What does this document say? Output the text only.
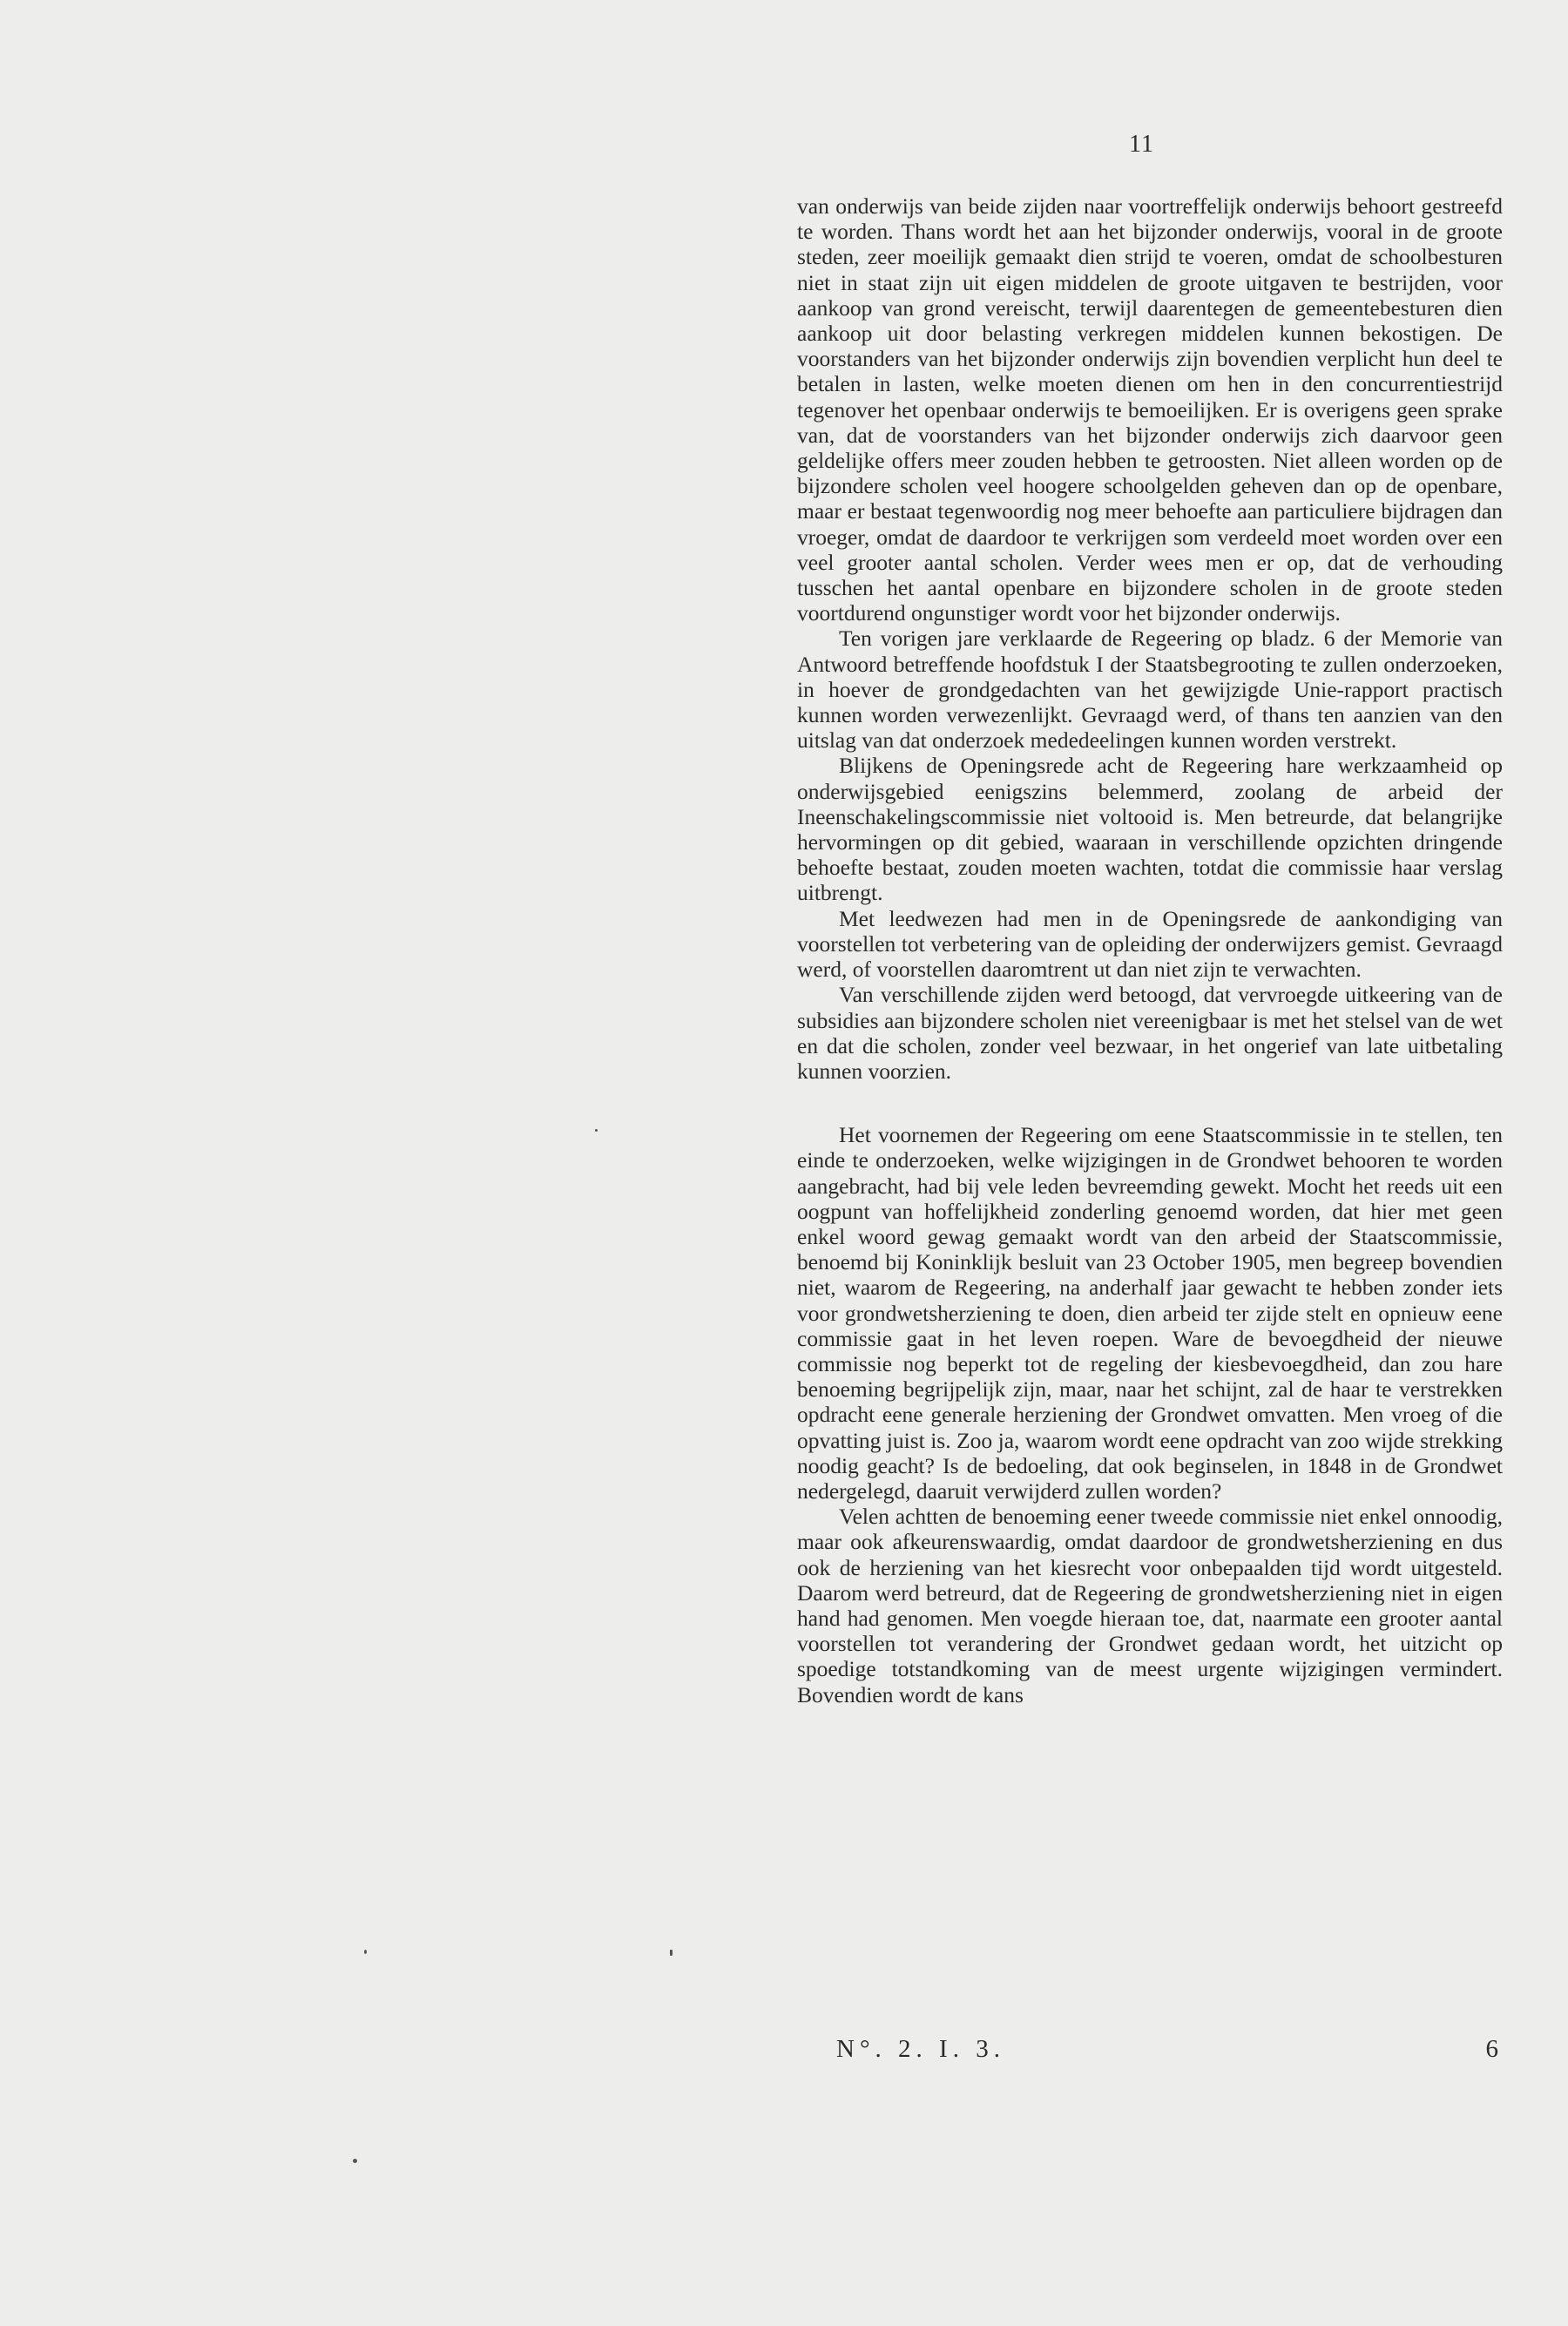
11

van onderwijs van beide zijden naar voortreffelijk onderwijs behoort gestreefd te worden. Thans wordt het aan het bijzonder onderwijs, vooral in de groote steden, zeer moeilijk gemaakt dien strijd te voeren, omdat de schoolbesturen niet in staat zijn uit eigen middelen de groote uitgaven te bestrijden, voor aankoop van grond vereischt, terwijl daarentegen de gemeentebesturen dien aankoop uit door belasting verkregen middelen kunnen bekostigen. De voorstanders van het bijzonder onderwijs zijn bovendien verplicht hun deel te betalen in lasten, welke moeten dienen om hen in den concurrentiestrijd tegenover het openbaar onderwijs te bemoeilijken. Er is overigens geen sprake van, dat de voorstanders van het bijzonder onderwijs zich daarvoor geen geldelijke offers meer zouden hebben te getroosten. Niet alleen worden op de bijzondere scholen veel hoogere schoolgelden geheven dan op de openbare, maar er bestaat tegenwoordig nog meer behoefte aan particuliere bijdragen dan vroeger, omdat de daardoor te verkrijgen som verdeeld moet worden over een veel grooter aantal scholen. Verder wees men er op, dat de verhouding tusschen het aantal openbare en bijzondere scholen in de groote steden voortdurend ongunstiger wordt voor het bijzonder onderwijs.

Ten vorigen jare verklaarde de Regeering op bladz. 6 der Memorie van Antwoord betreffende hoofdstuk I der Staatsbegrooting te zullen onderzoeken, in hoever de grondgedachten van het gewijzigde Unie-rapport practisch kunnen worden verwezenlijkt. Gevraagd werd, of thans ten aanzien van den uitslag van dat onderzoek mededeelingen kunnen worden verstrekt.

Blijkens de Openingsrede acht de Regeering hare werkzaamheid op onderwijsgebied eenigszins belemmerd, zoolang de arbeid der Ineenschakelingscommissie niet voltooid is. Men betreurde, dat belangrijke hervormingen op dit gebied, waaraan in verschillende opzichten dringende behoefte bestaat, zouden moeten wachten, totdat die commissie haar verslag uitbrengt.

Met leedwezen had men in de Openingsrede de aankondiging van voorstellen tot verbetering van de opleiding der onderwijzers gemist. Gevraagd werd, of voorstellen daaromtrent ut dan niet zijn te verwachten.

Van verschillende zijden werd betoogd, dat vervroegde uitkeering van de subsidies aan bijzondere scholen niet vereenigbaar is met het stelsel van de wet en dat die scholen, zonder veel bezwaar, in het ongerief van late uitbetaling kunnen voorzien.

Het voornemen der Regeering om eene Staatscommissie in te stellen, ten einde te onderzoeken, welke wijzigingen in de Grondwet behooren te worden aangebracht, had bij vele leden bevreemding gewekt. Mocht het reeds uit een oogpunt van hoffelijkheid zonderling genoemd worden, dat hier met geen enkel woord gewag gemaakt wordt van den arbeid der Staatscommissie, benoemd bij Koninklijk besluit van 23 October 1905, men begreep bovendien niet, waarom de Regeering, na anderhalf jaar gewacht te hebben zonder iets voor grondwetsherziening te doen, dien arbeid ter zijde stelt en opnieuw eene commissie gaat in het leven roepen. Ware de bevoegdheid der nieuwe commissie nog beperkt tot de regeling der kiesbevoegdheid, dan zou hare benoeming begrijpelijk zijn, maar, naar het schijnt, zal de haar te verstrekken opdracht eene generale herziening der Grondwet omvatten. Men vroeg of die opvatting juist is. Zoo ja, waarom wordt eene opdracht van zoo wijde strekking noodig geacht? Is de bedoeling, dat ook beginselen, in 1848 in de Grondwet nedergelegd, daaruit verwijderd zullen worden?

Velen achtten de benoeming eener tweede commissie niet enkel onnoodig, maar ook afkeurenswaardig, omdat daardoor de grondwetsherziening en dus ook de herziening van het kiesrecht voor onbepaalden tijd wordt uitgesteld. Daarom werd betreurd, dat de Regeering de grondwetsherziening niet in eigen hand had genomen. Men voegde hieraan toe, dat, naarmate een grooter aantal voorstellen tot verandering der Grondwet gedaan wordt, het uitzicht op spoedige totstandkoming van de meest urgente wijzigingen vermindert. Bovendien wordt de kans

N°. 2. I. 3.	6
